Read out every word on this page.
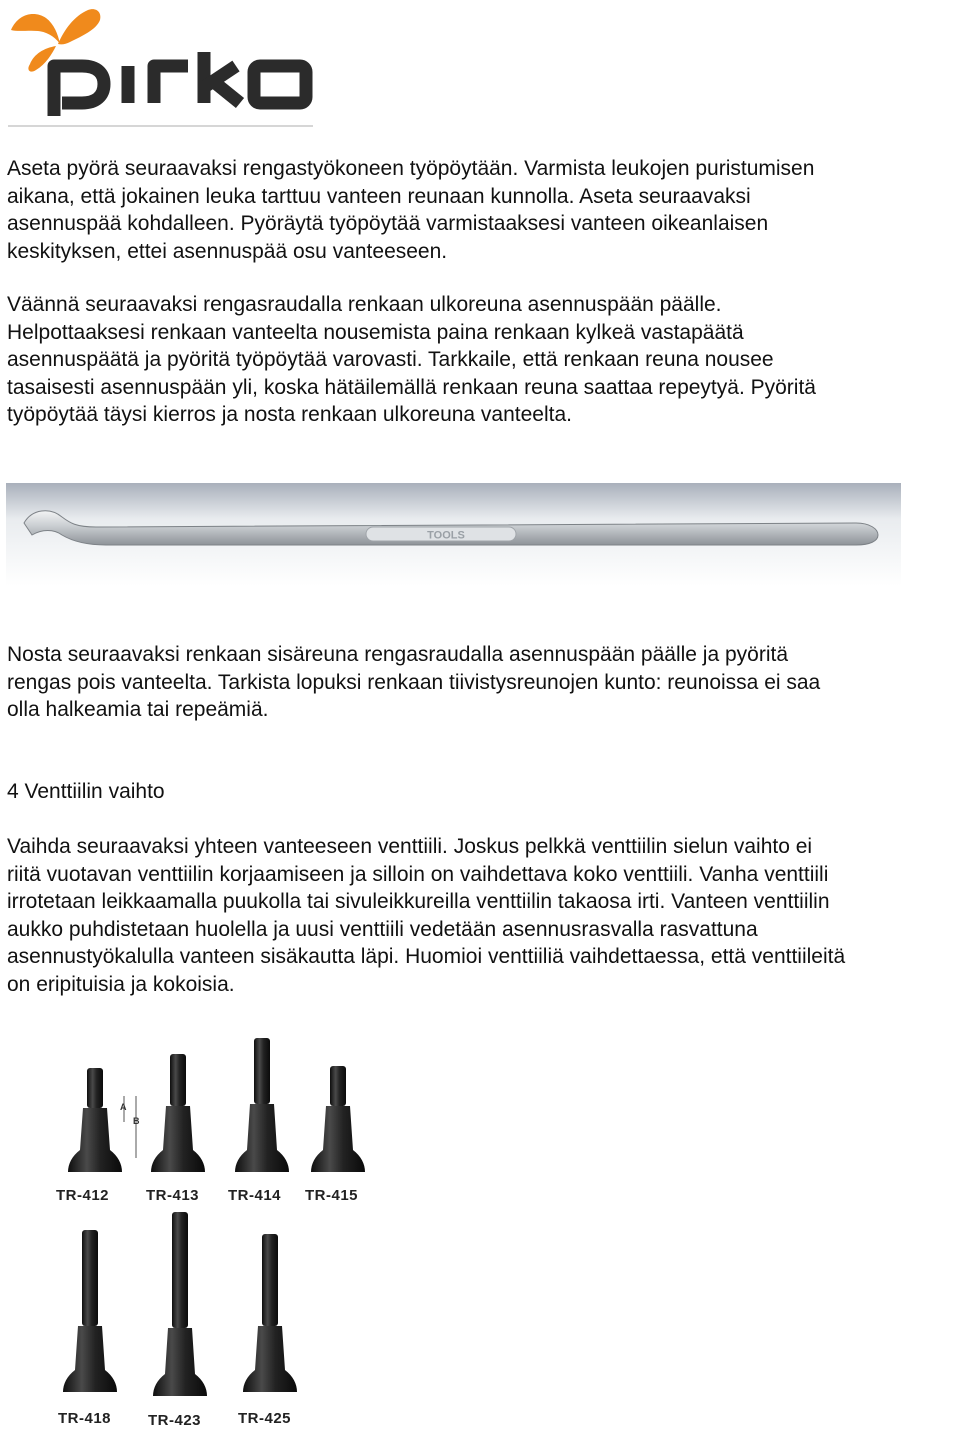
pirko
Aseta pyörä seuraavaksi rengastyökoneen työpöytään. Varmista leukojen puristumisen
aikana, että jokainen leuka tarttuu vanteen reunaan kunnolla. Aseta seuraavaksi
asennuspää kohdalleen. Pyöräytä työpöytää varmistaaksesi vanteen oikeanlaisen
keskityksen, ettei asennuspää osu vanteeseen.
Väännä seuraavaksi rengasraudalla renkaan ulkoreuna asennuspään päälle.
Helpottaaksesi renkaan vanteelta nousemista paina renkaan kylkeä vastapäätä
asennuspäätä ja pyöritä työpöytää varovasti. Tarkkaile, että renkaan reuna nousee
tasaisesti asennuspään yli, koska hätäilemällä renkaan reuna saattaa repeytyä. Pyöritä
työpöytää täysi kierros ja nosta renkaan ulkoreuna vanteelta.
TOOLS
Nosta seuraavaksi renkaan sisäreuna rengasraudalla asennuspään päälle ja pyöritä
rengas pois vanteelta. Tarkista lopuksi renkaan tiivistysreunojen kunto: reunoissa ei saa
olla halkeamia tai repeämiä.
4 Venttiilin vaihto
Vaihda seuraavaksi yhteen vanteeseen venttiili. Joskus pelkkä venttiilin sielun vaihto ei
riitä vuotavan venttiilin korjaamiseen ja silloin on vaihdettava koko venttiili. Vanha venttiili
irrotetaan leikkaamalla puukolla tai sivuleikkureilla venttiilin takaosa irti. Vanteen venttiilin
aukko puhdistetaan huolella ja uusi venttiili vedetään asennusrasvalla rasvattuna
asennustyökalulla vanteen sisäkautta läpi. Huomioi venttiiliä vaihdettaessa, että venttiileitä
on eripituisia ja kokoisia.
A
B
TR-412 TR-413 TR-414 TR-415
TR-418 TR-423 TR-425
